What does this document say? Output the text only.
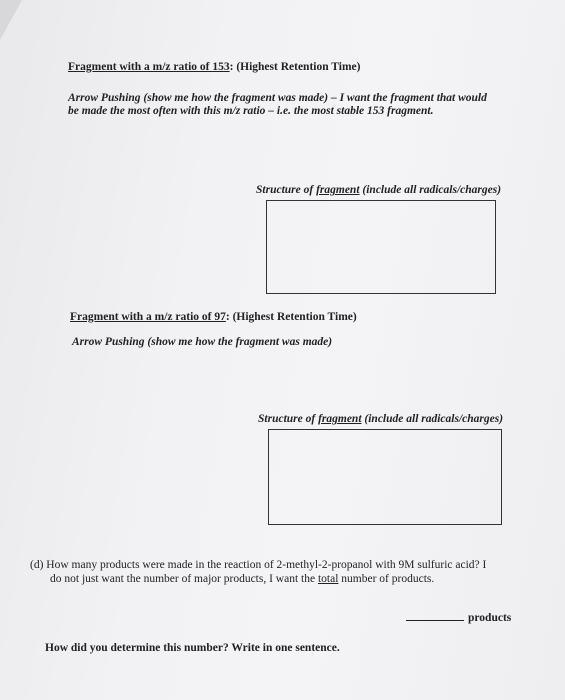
Fragment with a m/z ratio of 153: (Highest Retention Time)
Arrow Pushing (show me how the fragment was made) – I want the fragment that would
be made the most often with this m/z ratio – i.e. the most stable 153 fragment.
Structure of fragment (include all radicals/charges)
Fragment with a m/z ratio of 97: (Highest Retention Time)
Arrow Pushing (show me how the fragment was made)
Structure of fragment (include all radicals/charges)
(d) How many products were made in the reaction of 2-methyl-2-propanol with 9M sulfuric acid? I
do not just want the number of major products, I want the total number of products.
products
How did you determine this number? Write in one sentence.
